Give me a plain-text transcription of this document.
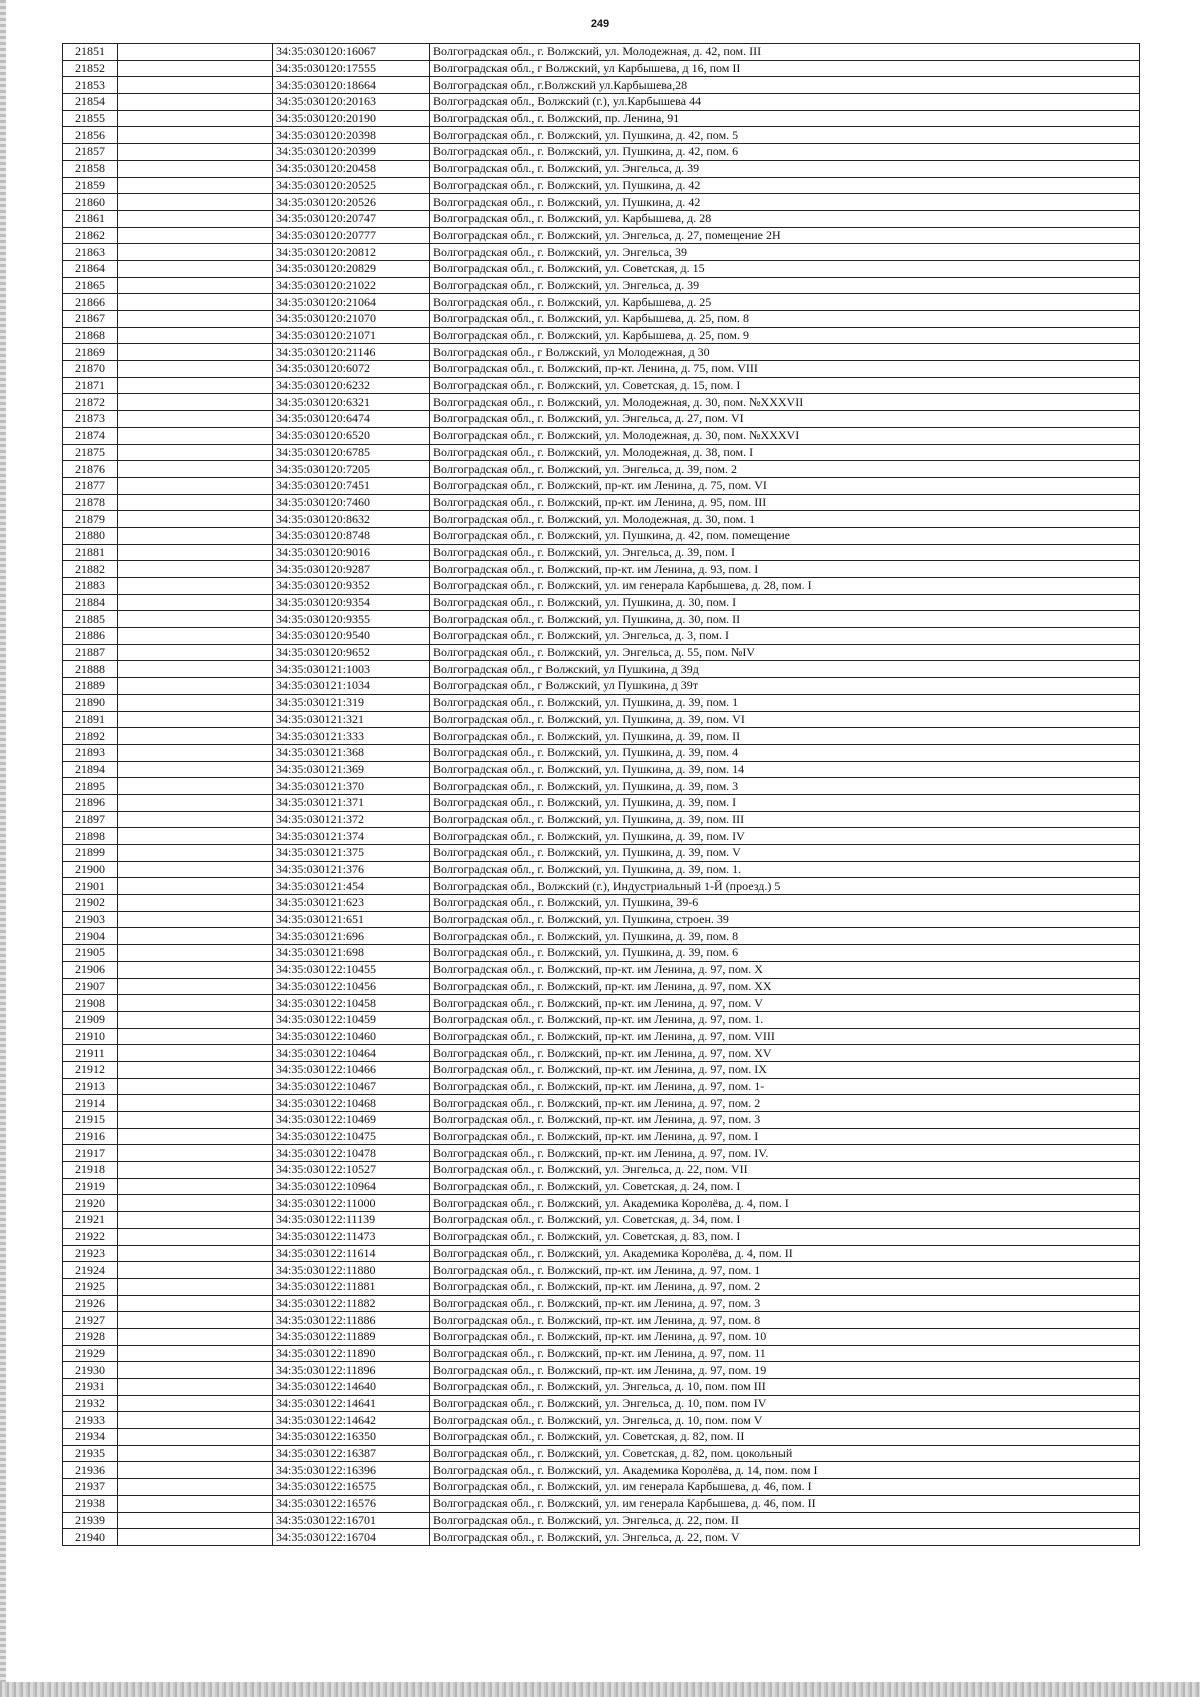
249
21851		34:35:030120:16067	Волгоградская обл., г. Волжский, ул. Молодежная, д. 42, пом. III
21852		34:35:030120:17555	Волгоградская обл., г Волжский, ул Карбышева, д 16, пом II
21853		34:35:030120:18664	Волгоградская обл., г.Волжский ул.Карбышева,28
21854		34:35:030120:20163	Волгоградская обл., Волжский (г.), ул.Карбышева 44
21855		34:35:030120:20190	Волгоградская обл., г. Волжский, пр. Ленина, 91
21856		34:35:030120:20398	Волгоградская обл., г. Волжский, ул. Пушкина, д. 42, пом. 5
21857		34:35:030120:20399	Волгоградская обл., г. Волжский, ул. Пушкина, д. 42, пом. 6
21858		34:35:030120:20458	Волгоградская обл., г. Волжский, ул. Энгельса, д. 39
21859		34:35:030120:20525	Волгоградская обл., г. Волжский, ул. Пушкина, д. 42
21860		34:35:030120:20526	Волгоградская обл., г. Волжский, ул. Пушкина, д. 42
21861		34:35:030120:20747	Волгоградская обл., г. Волжский, ул. Карбышева, д. 28
21862		34:35:030120:20777	Волгоградская обл., г. Волжский, ул. Энгельса, д. 27, помещение 2Н
21863		34:35:030120:20812	Волгоградская обл., г. Волжский, ул. Энгельса, 39
21864		34:35:030120:20829	Волгоградская обл., г. Волжский, ул. Советская, д. 15
21865		34:35:030120:21022	Волгоградская обл., г. Волжский, ул. Энгельса, д. 39
21866		34:35:030120:21064	Волгоградская обл., г. Волжский, ул. Карбышева, д. 25
21867		34:35:030120:21070	Волгоградская обл., г. Волжский, ул. Карбышева, д. 25, пом. 8
21868		34:35:030120:21071	Волгоградская обл., г. Волжский, ул. Карбышева, д. 25, пом. 9
21869		34:35:030120:21146	Волгоградская обл., г Волжский, ул Молодежная, д 30
21870		34:35:030120:6072	Волгоградская обл., г. Волжский, пр-кт. Ленина, д. 75, пом. VIII
21871		34:35:030120:6232	Волгоградская обл., г. Волжский, ул. Советская, д. 15, пом. I
21872		34:35:030120:6321	Волгоградская обл., г. Волжский, ул. Молодежная, д. 30, пом. №XXXVII
21873		34:35:030120:6474	Волгоградская обл., г. Волжский, ул. Энгельса, д. 27, пом. VI
21874		34:35:030120:6520	Волгоградская обл., г. Волжский, ул. Молодежная, д. 30, пом. №XXXVI
21875		34:35:030120:6785	Волгоградская обл., г. Волжский, ул. Молодежная, д. 38, пом. I
21876		34:35:030120:7205	Волгоградская обл., г. Волжский, ул. Энгельса, д. 39, пом. 2
21877		34:35:030120:7451	Волгоградская обл., г. Волжский, пр-кт. им Ленина, д. 75, пом. VI
21878		34:35:030120:7460	Волгоградская обл., г. Волжский, пр-кт. им Ленина, д. 95, пом. III
21879		34:35:030120:8632	Волгоградская обл., г. Волжский, ул. Молодежная, д. 30, пом. 1
21880		34:35:030120:8748	Волгоградская обл., г. Волжский, ул. Пушкина, д. 42, пом. помещение
21881		34:35:030120:9016	Волгоградская обл., г. Волжский, ул. Энгельса, д. 39, пом. I
21882		34:35:030120:9287	Волгоградская обл., г. Волжский, пр-кт. им Ленина, д. 93, пом. I
21883		34:35:030120:9352	Волгоградская обл., г. Волжский, ул. им генерала Карбышева, д. 28, пом. I
21884		34:35:030120:9354	Волгоградская обл., г. Волжский, ул. Пушкина, д. 30, пом. I
21885		34:35:030120:9355	Волгоградская обл., г. Волжский, ул. Пушкина, д. 30, пом. II
21886		34:35:030120:9540	Волгоградская обл., г. Волжский, ул. Энгельса, д. 3, пом. I
21887		34:35:030120:9652	Волгоградская обл., г. Волжский, ул. Энгельса, д. 55, пом. №IV
21888		34:35:030121:1003	Волгоградская обл., г Волжский, ул Пушкина, д 39д
21889		34:35:030121:1034	Волгоградская обл., г Волжский, ул Пушкина, д 39т
21890		34:35:030121:319	Волгоградская обл., г. Волжский, ул. Пушкина, д. 39, пом. 1
21891		34:35:030121:321	Волгоградская обл., г. Волжский, ул. Пушкина, д. 39, пом. VI
21892		34:35:030121:333	Волгоградская обл., г. Волжский, ул. Пушкина, д. 39, пом. II
21893		34:35:030121:368	Волгоградская обл., г. Волжский, ул. Пушкина, д. 39, пом. 4
21894		34:35:030121:369	Волгоградская обл., г. Волжский, ул. Пушкина, д. 39, пом. 14
21895		34:35:030121:370	Волгоградская обл., г. Волжский, ул. Пушкина, д. 39, пом. 3
21896		34:35:030121:371	Волгоградская обл., г. Волжский, ул. Пушкина, д. 39, пом. I
21897		34:35:030121:372	Волгоградская обл., г. Волжский, ул. Пушкина, д. 39, пом. III
21898		34:35:030121:374	Волгоградская обл., г. Волжский, ул. Пушкина, д. 39, пом. IV
21899		34:35:030121:375	Волгоградская обл., г. Волжский, ул. Пушкина, д. 39, пом. V
21900		34:35:030121:376	Волгоградская обл., г. Волжский, ул. Пушкина, д. 39, пом. 1.
21901		34:35:030121:454	Волгоградская обл., Волжский (г.), Индустриальный 1-Й (проезд.) 5
21902		34:35:030121:623	Волгоградская обл., г. Волжский, ул. Пушкина, 39-6
21903		34:35:030121:651	Волгоградская обл., г. Волжский, ул. Пушкина, строен. 39
21904		34:35:030121:696	Волгоградская обл., г. Волжский, ул. Пушкина, д. 39, пом. 8
21905		34:35:030121:698	Волгоградская обл., г. Волжский, ул. Пушкина, д. 39, пом. 6
21906		34:35:030122:10455	Волгоградская обл., г. Волжский, пр-кт. им Ленина, д. 97, пом. X
21907		34:35:030122:10456	Волгоградская обл., г. Волжский, пр-кт. им Ленина, д. 97, пом. XX
21908		34:35:030122:10458	Волгоградская обл., г. Волжский, пр-кт. им Ленина, д. 97, пом. V
21909		34:35:030122:10459	Волгоградская обл., г. Волжский, пр-кт. им Ленина, д. 97, пом. 1.
21910		34:35:030122:10460	Волгоградская обл., г. Волжский, пр-кт. им Ленина, д. 97, пом. VIII
21911		34:35:030122:10464	Волгоградская обл., г. Волжский, пр-кт. им Ленина, д. 97, пом. XV
21912		34:35:030122:10466	Волгоградская обл., г. Волжский, пр-кт. им Ленина, д. 97, пом. IX
21913		34:35:030122:10467	Волгоградская обл., г. Волжский, пр-кт. им Ленина, д. 97, пом. 1-
21914		34:35:030122:10468	Волгоградская обл., г. Волжский, пр-кт. им Ленина, д. 97, пом. 2
21915		34:35:030122:10469	Волгоградская обл., г. Волжский, пр-кт. им Ленина, д. 97, пом. 3
21916		34:35:030122:10475	Волгоградская обл., г. Волжский, пр-кт. им Ленина, д. 97, пом. I
21917		34:35:030122:10478	Волгоградская обл., г. Волжский, пр-кт. им Ленина, д. 97, пом. IV.
21918		34:35:030122:10527	Волгоградская обл., г. Волжский, ул. Энгельса, д. 22, пом. VII
21919		34:35:030122:10964	Волгоградская обл., г. Волжский, ул. Советская, д. 24, пом. I
21920		34:35:030122:11000	Волгоградская обл., г. Волжский, ул. Академика Королёва, д. 4, пом. I
21921		34:35:030122:11139	Волгоградская обл., г. Волжский, ул. Советская, д. 34, пом. I
21922		34:35:030122:11473	Волгоградская обл., г. Волжский, ул. Советская, д. 83, пом. I
21923		34:35:030122:11614	Волгоградская обл., г. Волжский, ул. Академика Королёва, д. 4, пом. II
21924		34:35:030122:11880	Волгоградская обл., г. Волжский, пр-кт. им Ленина, д. 97, пом. 1
21925		34:35:030122:11881	Волгоградская обл., г. Волжский, пр-кт. им Ленина, д. 97, пом. 2
21926		34:35:030122:11882	Волгоградская обл., г. Волжский, пр-кт. им Ленина, д. 97, пом. 3
21927		34:35:030122:11886	Волгоградская обл., г. Волжский, пр-кт. им Ленина, д. 97, пом. 8
21928		34:35:030122:11889	Волгоградская обл., г. Волжский, пр-кт. им Ленина, д. 97, пом. 10
21929		34:35:030122:11890	Волгоградская обл., г. Волжский, пр-кт. им Ленина, д. 97, пом. 11
21930		34:35:030122:11896	Волгоградская обл., г. Волжский, пр-кт. им Ленина, д. 97, пом. 19
21931		34:35:030122:14640	Волгоградская обл., г. Волжский, ул. Энгельса, д. 10, пом. пом III
21932		34:35:030122:14641	Волгоградская обл., г. Волжский, ул. Энгельса, д. 10, пом. пом IV
21933		34:35:030122:14642	Волгоградская обл., г. Волжский, ул. Энгельса, д. 10, пом. пом V
21934		34:35:030122:16350	Волгоградская обл., г. Волжский, ул. Советская, д. 82, пом. II
21935		34:35:030122:16387	Волгоградская обл., г. Волжский, ул. Советская, д. 82, пом. цокольный
21936		34:35:030122:16396	Волгоградская обл., г. Волжский, ул. Академика Королёва, д. 14, пом. пом I
21937		34:35:030122:16575	Волгоградская обл., г. Волжский, ул. им генерала Карбышева, д. 46, пом. I
21938		34:35:030122:16576	Волгоградская обл., г. Волжский, ул. им генерала Карбышева, д. 46, пом. II
21939		34:35:030122:16701	Волгоградская обл., г. Волжский, ул. Энгельса, д. 22, пом. II
21940		34:35:030122:16704	Волгоградская обл., г. Волжский, ул. Энгельса, д. 22, пом. V
